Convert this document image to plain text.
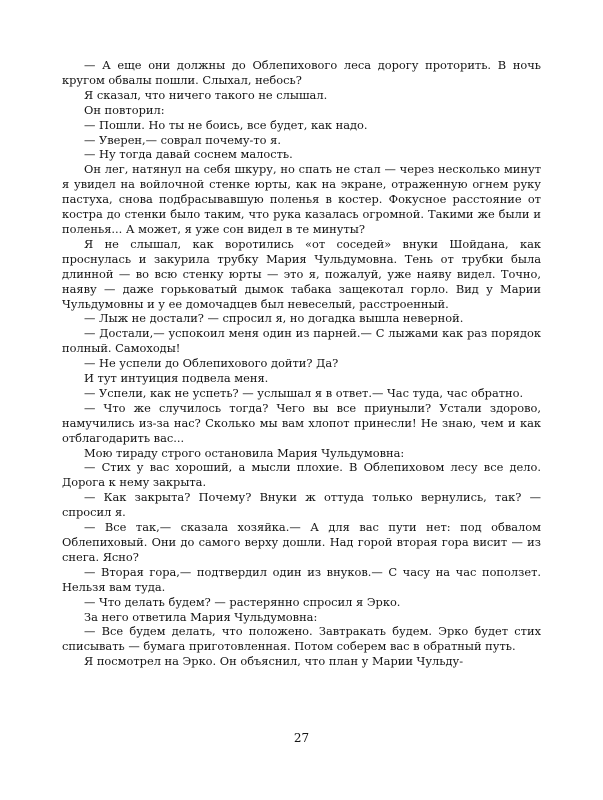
— А еще они должны до Облепихового леса дорогу проторить. В ночь кругом обвалы пошли. Слыхал, небось?

Я сказал, что ничего такого не слышал.

Он повторил:

— Пошли. Но ты не боись, все будет, как надо.

— Уверен,— соврал почему-то я.

— Ну тогда давай соснем малость.

Он лег, натянул на себя шкуру, но спать не стал — через несколько минут я увидел на войлочной стенке юрты, как на экране, отраженную огнем руку пастуха, снова подбрасывавшую поленья в костер. Фокусное расстояние от костра до стенки было таким, что рука казалась огромной. Такими же были и поленья... А может, я уже сон видел в те минуты?

Я не слышал, как воротились «от соседей» внуки Шойдана, как проснулась и закурила трубку Мария Чульдумовна. Тень от трубки была длинной — во всю стенку юрты — это я, пожалуй, уже наяву видел. Точно, наяву — даже горьковатый дымок табака защекотал горло. Вид у Марии Чульдумовны и у ее домочадцев был невеселый, расстроенный.

— Лыж не достали? — спросил я, но догадка вышла неверной.

— Достали,— успокоил меня один из парней.— С лыжами как раз порядок полный. Самоходы!

— Не успели до Облепихового дойти? Да?

И тут интуиция подвела меня.

— Успели, как не успеть? — услышал я в ответ.— Час туда, час обратно.

— Что же случилось тогда? Чего вы все приуныли? Устали здорово, намучились из-за нас? Сколько мы вам хлопот принесли! Не знаю, чем и как отблагодарить вас...

Мою тираду строго остановила Мария Чульдумовна:

— Стих у вас хороший, а мысли плохие. В Облепиховом лесу все дело. Дорога к нему закрыта.

— Как закрыта? Почему? Внуки ж оттуда только вернулись, так? — спросил я.

— Все так,— сказала хозяйка.— А для вас пути нет: под обвалом Облепиховый. Они до самого верху дошли. Над горой вторая гора висит — из снега. Ясно?

— Вторая гора,— подтвердил один из внуков.— С часу на час поползет. Нельзя вам туда.

— Что делать будем? — растерянно спросил я Эрко.

За него ответила Мария Чульдумовна:

— Все будем делать, что положено. Завтракать будем. Эрко будет стих списывать — бумага приготовленная. Потом соберем вас в обратный путь.

Я посмотрел на Эрко. Он объяснил, что план у Марии Чульду-

27
